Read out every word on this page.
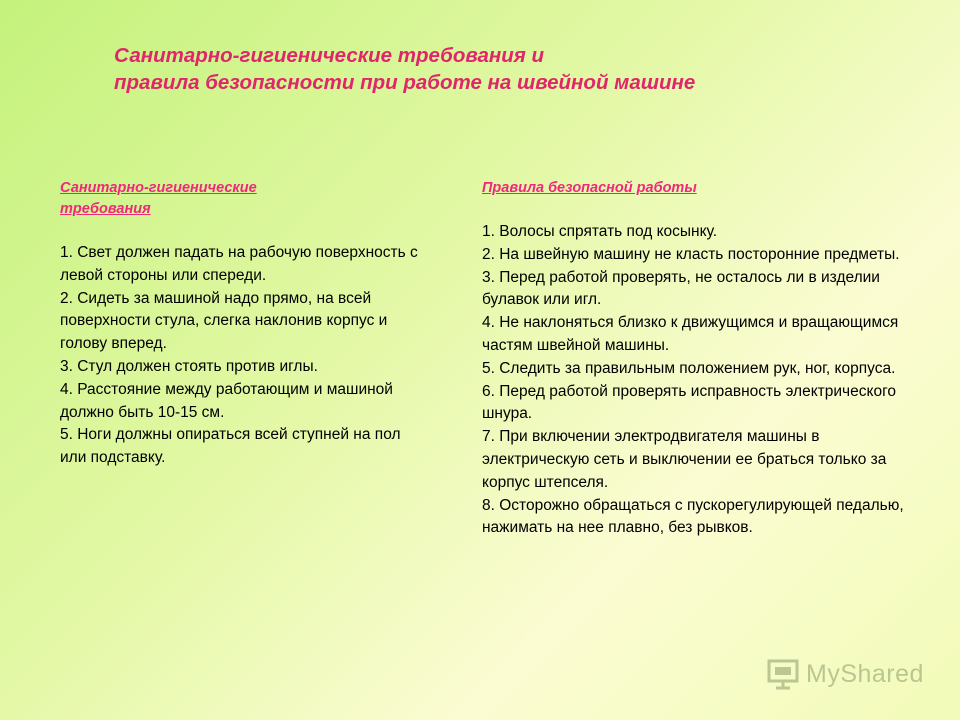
Санитарно-гигиенические требования и
правила безопасности при работе на швейной машине
Санитарно-гигиенические требования
1. Свет должен падать на рабочую поверхность с левой стороны или спереди.
2. Сидеть за машиной надо прямо, на всей поверхности стула, слегка наклонив корпус и голову вперед.
3. Стул должен стоять против иглы.
4. Расстояние между работающим и машиной должно быть 10-15 см.
5. Ноги должны опираться всей ступней на пол или подставку.
Правила безопасной работы
1. Волосы спрятать под косынку.
2. На швейную машину не класть посторонние предметы.
3. Перед работой проверять, не осталось ли в изделии булавок или игл.
4. Не наклоняться близко к движущимся и вращающимся частям швейной машины.
5. Следить за правильным положением рук, ног, корпуса.
6. Перед работой проверять исправность электрического шнура.
7. При включении электродвигателя машины в электрическую сеть и выключении ее браться только за корпус штепселя.
8. Осторожно обращаться с пускорегулирующей педалью, нажимать на нее плавно, без рывков.
MyShared
